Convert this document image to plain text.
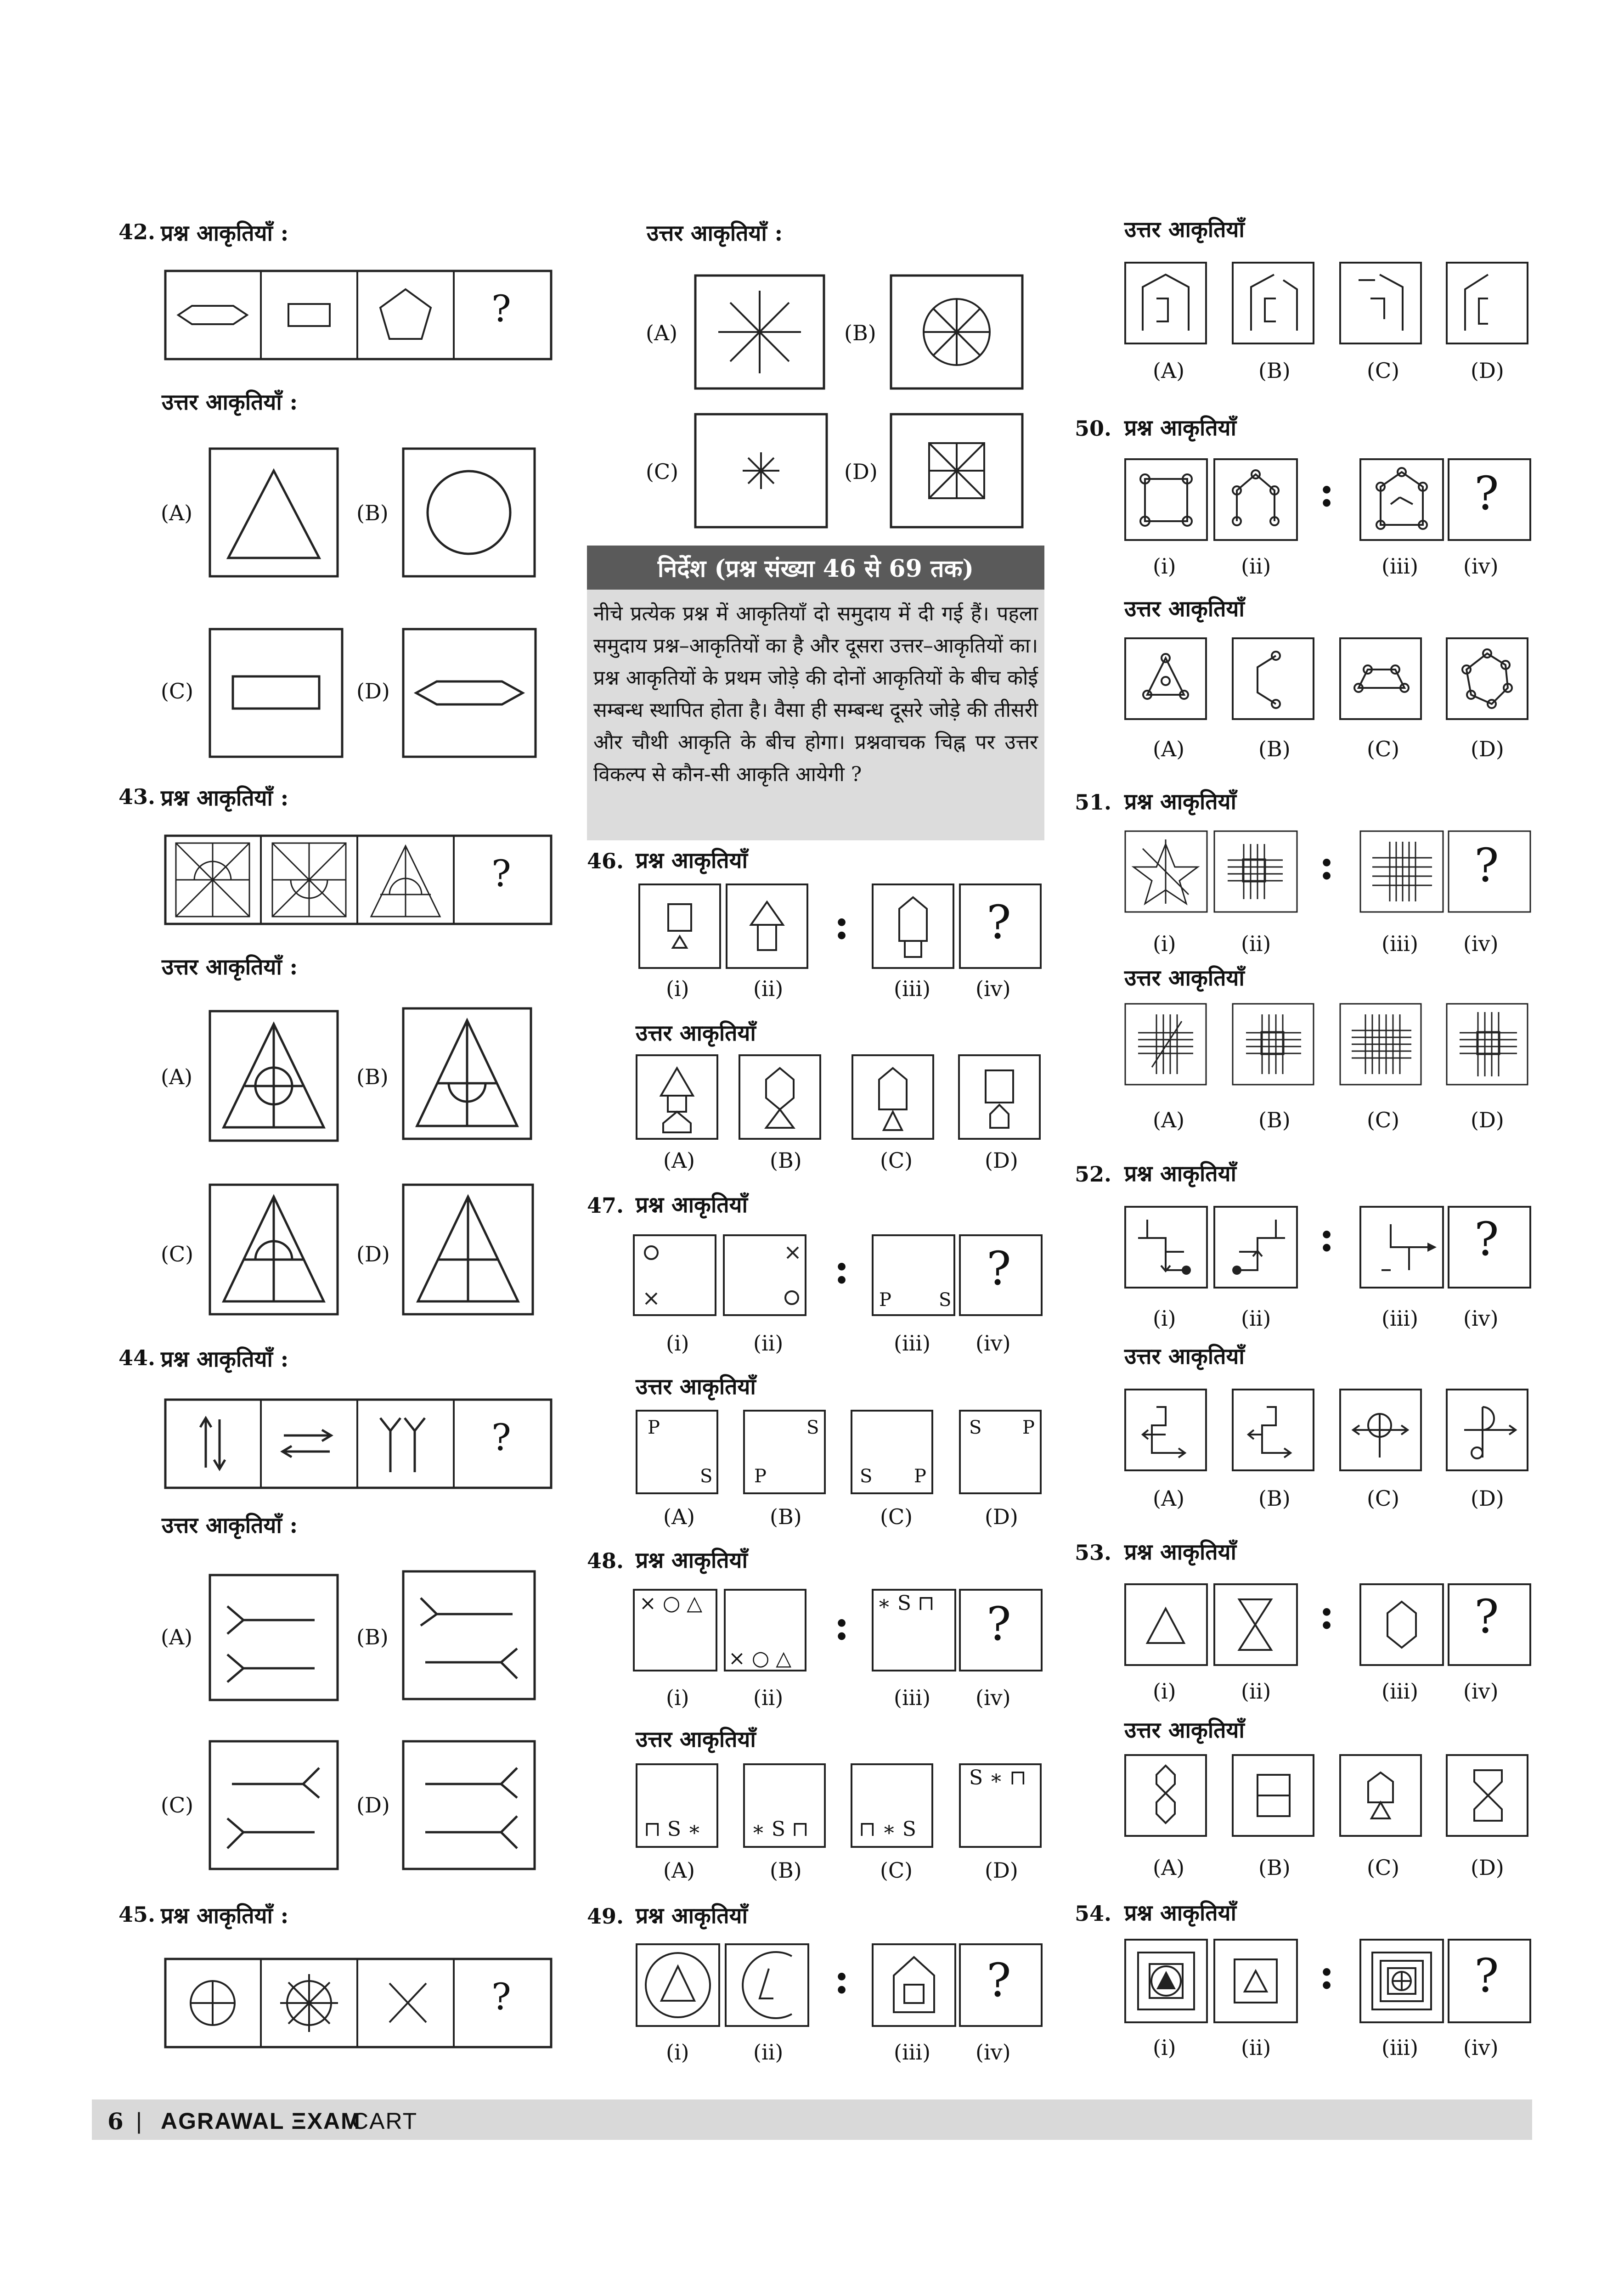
42. प्रश्न आकृतियाँ :
?
उत्तर आकृतियाँ :
(A)	(B)
(C)	(D)
43. प्रश्न आकृतियाँ :
?
उत्तर आकृतियाँ :
(A)	(B)
(C)	(D)
44. प्रश्न आकृतियाँ :
?
उत्तर आकृतियाँ :
(A)	(B)
(C)	(D)
45. प्रश्न आकृतियाँ :
?
उत्तर आकृतियाँ :
(A)	(B)
(C)	(D)
निर्देश (प्रश्न संख्या 46 से 69 तक)
नीचे प्रत्येक प्रश्न में आकृतियाँ दो समुदाय में दी गई हैं। पहला समुदाय प्रश्न–आकृतियों का है और दूसरा उत्तर–आकृतियों का। प्रश्न आकृतियों के प्रथम जोड़े की दोनों आकृतियों के बीच कोई सम्बन्ध स्थापित होता है। वैसा ही सम्बन्ध दूसरे जोड़े की तीसरी और चौथी आकृति के बीच होगा। प्रश्नवाचक चिह्न पर उत्तर विकल्प से कौन-सी आकृति आयेगी ?
46. प्रश्न आकृतियाँ
:	?
(i)	(ii)	(iii) (iv)
उत्तर आकृतियाँ
(A)	(B)	(C)	(D)
47. प्रश्न आकृतियाँ
P	S
:	?
(i)	(ii)	(iii) (iv)
उत्तर आकृतियाँ
P
S
S
P	S P
S P
(A)	(B)	(C)	(D)
48. प्रश्न आकृतियाँ
× ○ △
× ○ △
∗ S ⊓
:	?
(i)	(ii)	(iii) (iv)
उत्तर आकृतियाँ
⊓ S ∗ ∗ S ⊓ ⊓ ∗ S
S ∗ ⊓
(A)	(B)	(C)	(D)
49. प्रश्न आकृतियाँ
:	?
(i)	(ii)	(iii) (iv)
उत्तर आकृतियाँ
(A)	(B)	(C)	(D)
50. प्रश्न आकृतियाँ
:	?
(i)	(ii)	(iii) (iv)
उत्तर आकृतियाँ
(A)	(B)	(C)	(D)
51. प्रश्न आकृतियाँ
:	?
(i)	(ii)	(iii) (iv)
उत्तर आकृतियाँ
(A)	(B)	(C)	(D)
52. प्रश्न आकृतियाँ
:	?
(i)	(ii)	(iii) (iv)
उत्तर आकृतियाँ
(A)	(B)	(C)	(D)
53. प्रश्न आकृतियाँ
:	?
(i)	(ii)	(iii) (iv)
उत्तर आकृतियाँ
(A)	(B)	(C)	(D)
54. प्रश्न आकृतियाँ
:	?
(i)	(ii)	(iii) (iv)
6 | AGRAWAL ΞXAM
CART
